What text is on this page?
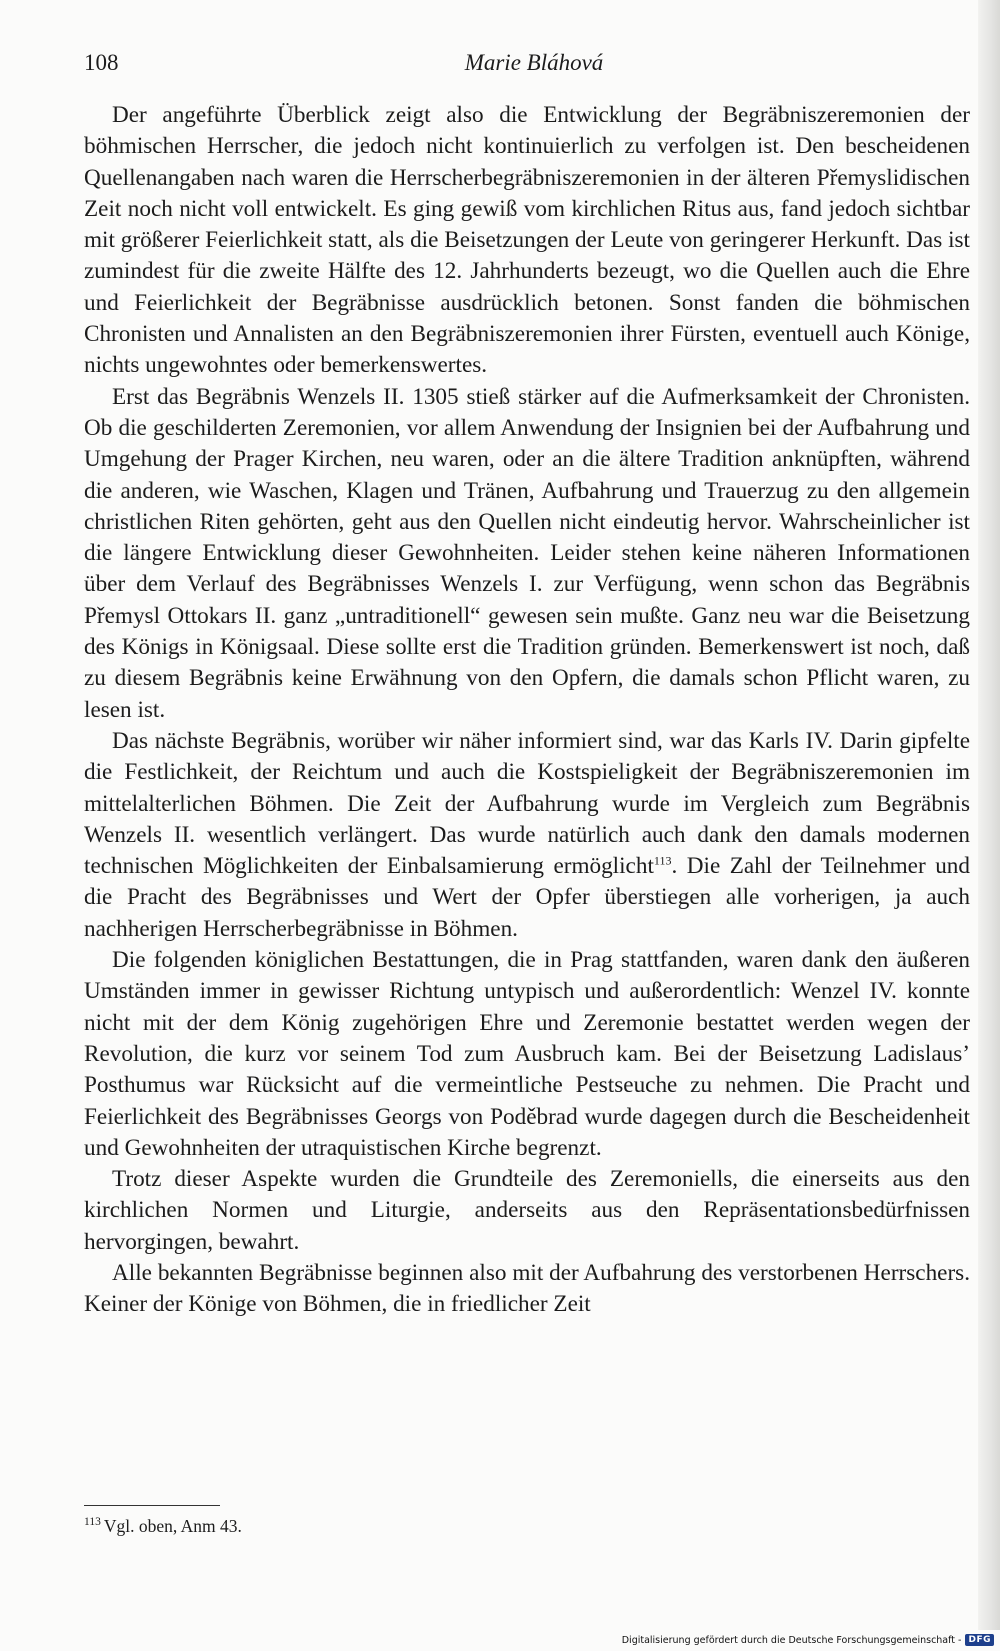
108	Marie Bláhová

Der angeführte Überblick zeigt also die Entwicklung der Begräbniszeremonien der böhmischen Herrscher, die jedoch nicht kontinuierlich zu verfolgen ist. Den bescheidenen Quellenangaben nach waren die Herrscherbegräbniszeremonien in der älteren Přemyslidischen Zeit noch nicht voll entwickelt. Es ging gewiß vom kirchlichen Ritus aus, fand jedoch sichtbar mit größerer Feierlichkeit statt, als die Beisetzungen der Leute von geringerer Herkunft. Das ist zumindest für die zweite Hälfte des 12. Jahrhunderts bezeugt, wo die Quellen auch die Ehre und Feierlichkeit der Begräbnisse ausdrücklich betonen. Sonst fanden die böhmischen Chronisten und Annalisten an den Begräbniszeremonien ihrer Fürsten, eventuell auch Könige, nichts ungewohntes oder bemerkenswertes.

Erst das Begräbnis Wenzels II. 1305 stieß stärker auf die Aufmerksamkeit der Chronisten. Ob die geschilderten Zeremonien, vor allem Anwendung der Insignien bei der Aufbahrung und Umgehung der Prager Kirchen, neu waren, oder an die ältere Tradition anknüpften, während die anderen, wie Waschen, Klagen und Tränen, Aufbahrung und Trauerzug zu den allgemein christlichen Riten gehörten, geht aus den Quellen nicht eindeutig hervor. Wahrscheinlicher ist die längere Entwicklung dieser Gewohnheiten. Leider stehen keine näheren Informationen über dem Verlauf des Begräbnisses Wenzels I. zur Verfügung, wenn schon das Begräbnis Přemysl Ottokars II. ganz „untraditionell“ gewesen sein mußte. Ganz neu war die Beisetzung des Königs in Königsaal. Diese sollte erst die Tradition gründen. Bemerkenswert ist noch, daß zu diesem Begräbnis keine Erwähnung von den Opfern, die damals schon Pflicht waren, zu lesen ist.

Das nächste Begräbnis, worüber wir näher informiert sind, war das Karls IV. Darin gipfelte die Festlichkeit, der Reichtum und auch die Kostspieligkeit der Begräbniszeremonien im mittelalterlichen Böhmen. Die Zeit der Aufbahrung wurde im Vergleich zum Begräbnis Wenzels II. wesentlich verlängert. Das wurde natürlich auch dank den damals modernen technischen Möglichkeiten der Einbalsamierung ermöglicht$^{113}$. Die Zahl der Teilnehmer und die Pracht des Begräbnisses und Wert der Opfer überstiegen alle vorherigen, ja auch nachherigen Herrscherbegräbnisse in Böhmen.

Die folgenden königlichen Bestattungen, die in Prag stattfanden, waren dank den äußeren Umständen immer in gewisser Richtung untypisch und außerordentlich: Wenzel IV. konnte nicht mit der dem König zugehörigen Ehre und Zeremonie bestattet werden wegen der Revolution, die kurz vor seinem Tod zum Ausbruch kam. Bei der Beisetzung Ladislaus’ Posthumus war Rücksicht auf die vermeintliche Pestseuche zu nehmen. Die Pracht und Feierlichkeit des Begräbnisses Georgs von Poděbrad wurde dagegen durch die Bescheidenheit und Gewohnheiten der utraquistischen Kirche begrenzt.

Trotz dieser Aspekte wurden die Grundteile des Zeremoniells, die einerseits aus den kirchlichen Normen und Liturgie, anderseits aus den Repräsentationsbedürfnissen hervorgingen, bewahrt.

Alle bekannten Begräbnisse beginnen also mit der Aufbahrung des verstorbenen Herrschers. Keiner der Könige von Böhmen, die in friedlicher Zeit

$^{113}$ Vgl. oben, Anm 43.
Digitalisierung gefördert durch die Deutsche Forschungsgemeinschaft - DFG
